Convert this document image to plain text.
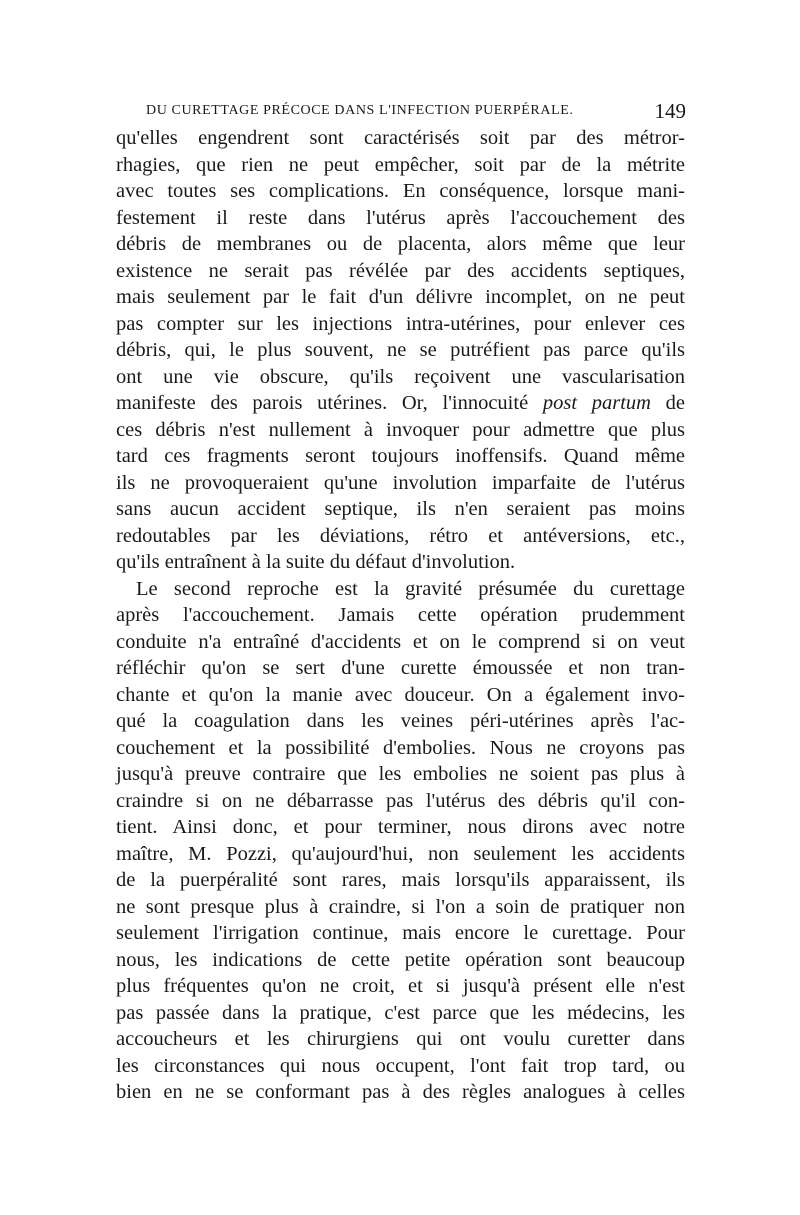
DU CURETTAGE PRÉCOCE DANS L'INFECTION PUERPÉRALE.	149
qu'elles engendrent sont caractérisés soit par des métror-
rhagies, que rien ne peut empêcher, soit par de la métrite
avec toutes ses complications. En conséquence, lorsque mani-
festement il reste dans l'utérus après l'accouchement des
débris de membranes ou de placenta, alors même que leur
existence ne serait pas révélée par des accidents septiques,
mais seulement par le fait d'un délivre incomplet, on ne peut
pas compter sur les injections intra-utérines, pour enlever ces
débris, qui, le plus souvent, ne se putréfient pas parce qu'ils
ont une vie obscure, qu'ils reçoivent une vascularisation
manifeste des parois utérines. Or, l'innocuité post partum de
ces débris n'est nullement à invoquer pour admettre que plus
tard ces fragments seront toujours inoffensifs. Quand même
ils ne provoqueraient qu'une involution imparfaite de l'utérus
sans aucun accident septique, ils n'en seraient pas moins
redoutables par les déviations, rétro et antéversions, etc.,
qu'ils entraînent à la suite du défaut d'involution.
Le second reproche est la gravité présumée du curettage
après l'accouchement. Jamais cette opération prudemment
conduite n'a entraîné d'accidents et on le comprend si on veut
réfléchir qu'on se sert d'une curette émoussée et non tran-
chante et qu'on la manie avec douceur. On a également invo-
qué la coagulation dans les veines péri-utérines après l'ac-
couchement et la possibilité d'embolies. Nous ne croyons pas
jusqu'à preuve contraire que les embolies ne soient pas plus à
craindre si on ne débarrasse pas l'utérus des débris qu'il con-
tient. Ainsi donc, et pour terminer, nous dirons avec notre
maître, M. Pozzi, qu'aujourd'hui, non seulement les accidents
de la puerpéralité sont rares, mais lorsqu'ils apparaissent, ils
ne sont presque plus à craindre, si l'on a soin de pratiquer non
seulement l'irrigation continue, mais encore le curettage. Pour
nous, les indications de cette petite opération sont beaucoup
plus fréquentes qu'on ne croit, et si jusqu'à présent elle n'est
pas passée dans la pratique, c'est parce que les médecins, les
accoucheurs et les chirurgiens qui ont voulu curetter dans
les circonstances qui nous occupent, l'ont fait trop tard, ou
bien en ne se conformant pas à des règles analogues à celles
